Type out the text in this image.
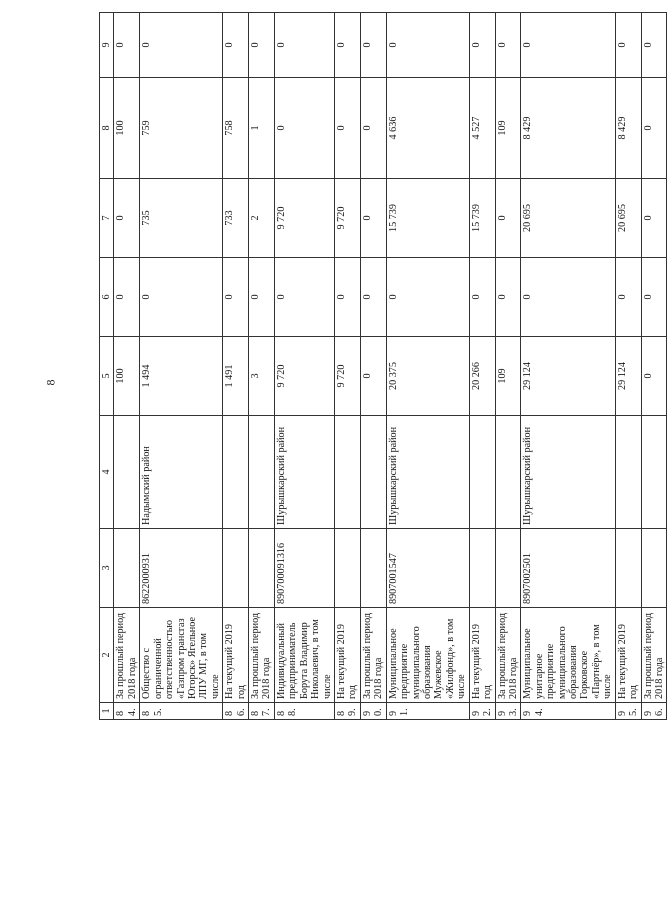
8
1	2	3	4	5	6	7	8	9
84.	За прошлый период 2018 года			100	0	0	100	0
85.	Общество с ограниченной ответственностью «Газпром трансгаз Югорск» Ягельное ЛПУ МГ, в том числе	8622000931	Надымский район	1 494	0	735	759	0
86.	На текущий 2019 год			1 491	0	733	758	0
87.	За прошлый период 2018 года			3	0	2	1	0
88.	Индивидуальный предприниматель Борута Владимир Николаевич, в том числе	890700091316	Шурышкарский район	9 720	0	9 720	0	0
89.	На текущий 2019 год			9 720	0	9 720	0	0
90.	За прошлый период 2018 года			0	0	0	0	0
91.	Муниципальное предприятие муниципального образования Мужевское «Жилфонд», в том числе	8907001547	Шурышкарский район	20 375	0	15 739	4 636	0
92.	На текущий 2019 год			20 266	0	15 739	4 527	0
93.	За прошлый период 2018 года			109	0	0	109	0
94.	Муниципальное унитарное предприятие муниципального образования Горковское «Партнёр», в том числе	8907002501	Шурышкарский район	29 124	0	20 695	8 429	0
95.	На текущий 2019 год			29 124	0	20 695	8 429	0
96.	За прошлый период 2018 года			0	0	0	0	0
